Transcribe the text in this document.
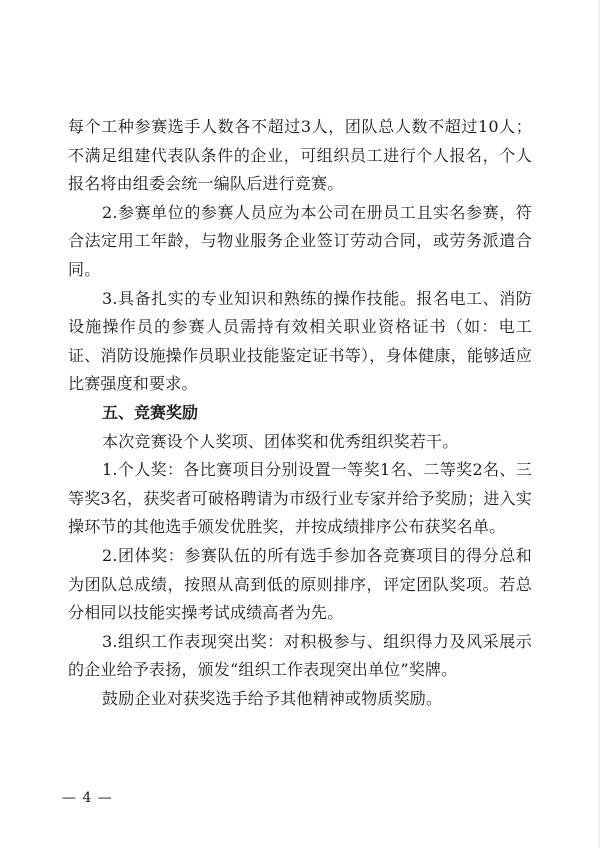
每个工种参赛选手人数各不超过3人，团队总人数不超过10人；不满足组建代表队条件的企业，可组织员工进行个人报名，个人报名将由组委会统一编队后进行竞赛。

2.参赛单位的参赛人员应为本公司在册员工且实名参赛，符合法定用工年龄，与物业服务企业签订劳动合同，或劳务派遣合同。

3.具备扎实的专业知识和熟练的操作技能。报名电工、消防设施操作员的参赛人员需持有效相关职业资格证书（如：电工证、消防设施操作员职业技能鉴定证书等），身体健康，能够适应比赛强度和要求。

五、竞赛奖励

本次竞赛设个人奖项、团体奖和优秀组织奖若干。

1.个人奖：各比赛项目分别设置一等奖1名、二等奖2名、三等奖3名，获奖者可破格聘请为市级行业专家并给予奖励；进入实操环节的其他选手颁发优胜奖，并按成绩排序公布获奖名单。

2.团体奖：参赛队伍的所有选手参加各竞赛项目的得分总和为团队总成绩，按照从高到低的原则排序，评定团队奖项。若总分相同以技能实操考试成绩高者为先。

3.组织工作表现突出奖：对积极参与、组织得力及风采展示的企业给予表扬，颁发“组织工作表现突出单位”奖牌。

鼓励企业对获奖选手给予其他精神或物质奖励。

— 4 —
